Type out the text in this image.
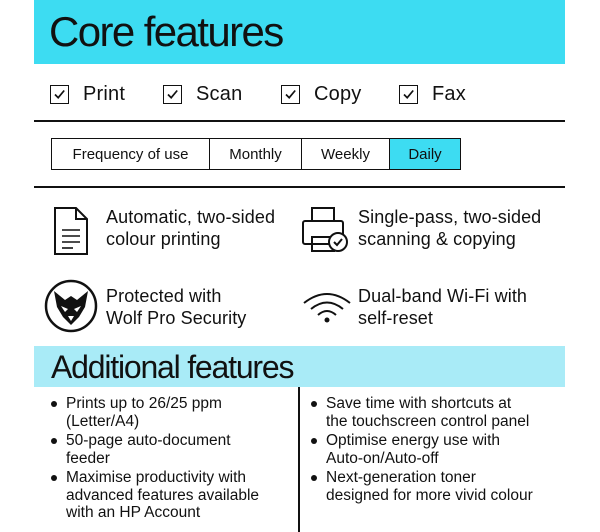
Core features
Print	Scan	Copy	Fax
Frequency of use	Monthly	Weekly	Daily
Automatic, two-sided
colour printing
Single-pass, two-sided
scanning & copying
Protected with
Wolf Pro Security
Dual-band Wi-Fi with
self-reset
Additional features
Prints up to 26/25 ppm
(Letter/A4)
50-page auto-document
feeder
Maximise productivity with
advanced features available
with an HP Account
Save time with shortcuts at
the touchscreen control panel
Optimise energy use with
Auto-on/Auto-off
Next-generation toner
designed for more vivid colour
